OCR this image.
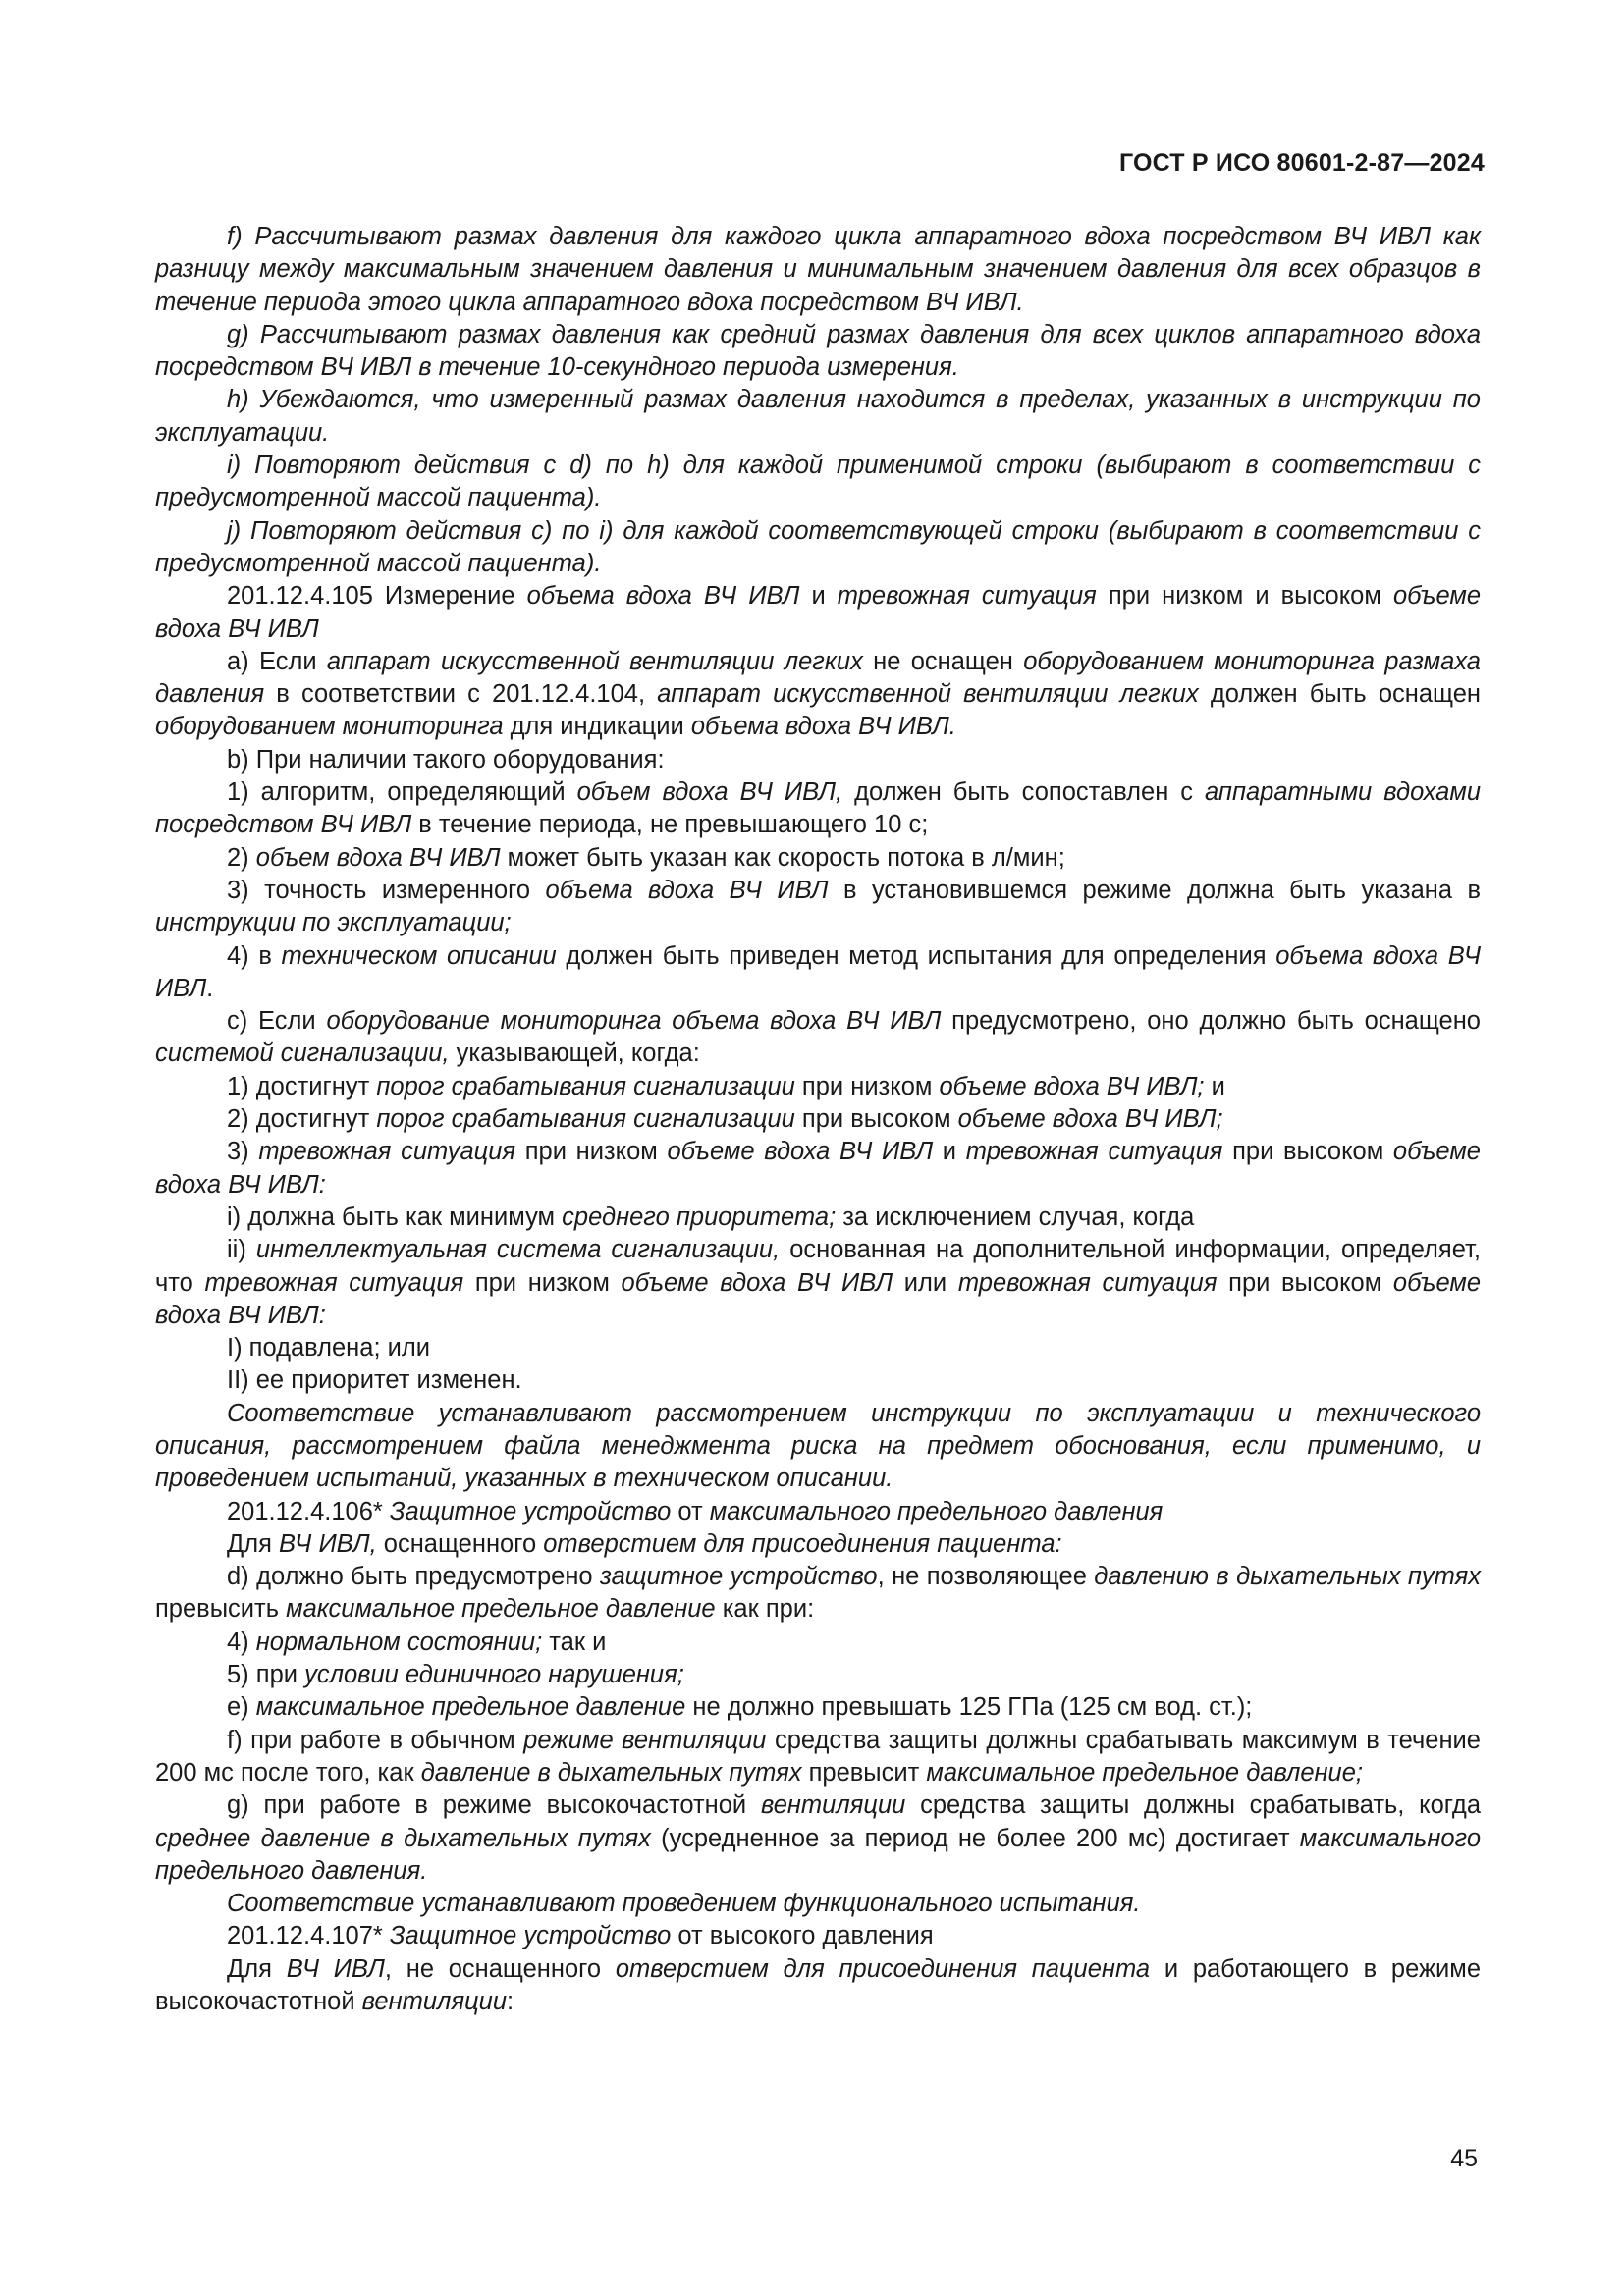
ГОСТ Р ИСО 80601-2-87—2024

f) Рассчитывают размах давления для каждого цикла аппаратного вдоха посредством ВЧ ИВЛ как разницу между максимальным значением давления и минимальным значением давления для всех образцов в течение периода этого цикла аппаратного вдоха посредством ВЧ ИВЛ.

g) Рассчитывают размах давления как средний размах давления для всех циклов аппаратного вдоха посредством ВЧ ИВЛ в течение 10-секундного периода измерения.

h) Убеждаются, что измеренный размах давления находится в пределах, указанных в инструкции по эксплуатации.

i) Повторяют действия с d) по h) для каждой применимой строки (выбирают в соответствии с предусмотренной массой пациента).

j) Повторяют действия с) по i) для каждой соответствующей строки (выбирают в соответствии с предусмотренной массой пациента).

201.12.4.105 Измерение объема вдоха ВЧ ИВЛ и тревожная ситуация при низком и высоком объеме вдоха ВЧ ИВЛ

а) Если аппарат искусственной вентиляции легких не оснащен оборудованием мониторинга размаха давления в соответствии с 201.12.4.104, аппарат искусственной вентиляции легких должен быть оснащен оборудованием мониторинга для индикации объема вдоха ВЧ ИВЛ.

b) При наличии такого оборудования:

1) алгоритм, определяющий объем вдоха ВЧ ИВЛ, должен быть сопоставлен с аппаратными вдохами посредством ВЧ ИВЛ в течение периода, не превышающего 10 с;

2) объем вдоха ВЧ ИВЛ может быть указан как скорость потока в л/мин;

3) точность измеренного объема вдоха ВЧ ИВЛ в установившемся режиме должна быть указана в инструкции по эксплуатации;

4) в техническом описании должен быть приведен метод испытания для определения объема вдоха ВЧ ИВЛ.

с) Если оборудование мониторинга объема вдоха ВЧ ИВЛ предусмотрено, оно должно быть оснащено системой сигнализации, указывающей, когда:

1) достигнут порог срабатывания сигнализации при низком объеме вдоха ВЧ ИВЛ; и

2) достигнут порог срабатывания сигнализации при высоком объеме вдоха ВЧ ИВЛ;

3) тревожная ситуация при низком объеме вдоха ВЧ ИВЛ и тревожная ситуация при высоком объеме вдоха ВЧ ИВЛ:

i) должна быть как минимум среднего приоритета; за исключением случая, когда

ii) интеллектуальная система сигнализации, основанная на дополнительной информации, определяет, что тревожная ситуация при низком объеме вдоха ВЧ ИВЛ или тревожная ситуация при высоком объеме вдоха ВЧ ИВЛ:

I) подавлена; или

II) ее приоритет изменен.

Соответствие устанавливают рассмотрением инструкции по эксплуатации и технического описания, рассмотрением файла менеджмента риска на предмет обоснования, если применимо, и проведением испытаний, указанных в техническом описании.

201.12.4.106* Защитное устройство от максимального предельного давления

Для ВЧ ИВЛ, оснащенного отверстием для присоединения пациента:

d) должно быть предусмотрено защитное устройство, не позволяющее давлению в дыхательных путях превысить максимальное предельное давление как при:

4) нормальном состоянии; так и

5) при условии единичного нарушения;

е) максимальное предельное давление не должно превышать 125 ГПа (125 см вод. ст.);

f) при работе в обычном режиме вентиляции средства защиты должны срабатывать максимум в течение 200 мс после того, как давление в дыхательных путях превысит максимальное предельное давление;

g) при работе в режиме высокочастотной вентиляции средства защиты должны срабатывать, когда среднее давление в дыхательных путях (усредненное за период не более 200 мс) достигает максимального предельного давления.

Соответствие устанавливают проведением функционального испытания.

201.12.4.107* Защитное устройство от высокого давления

Для ВЧ ИВЛ, не оснащенного отверстием для присоединения пациента и работающего в режиме высокочастотной вентиляции:

45
